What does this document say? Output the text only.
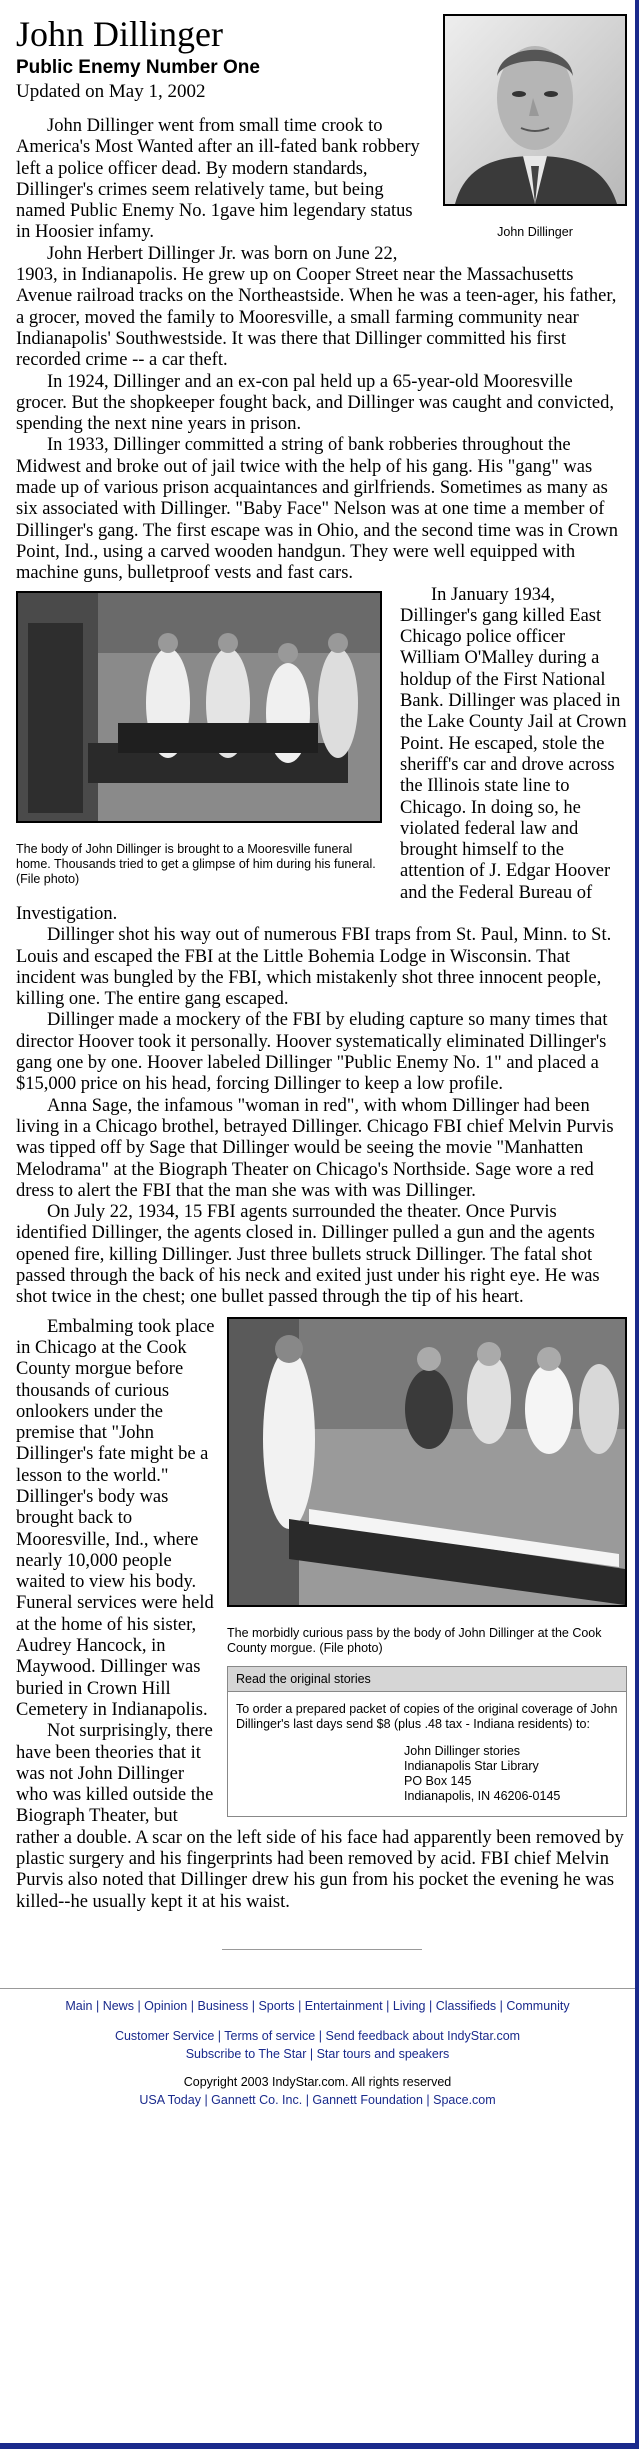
John Dillinger
John Dillinger
Public Enemy Number One
Updated on May 1, 2002

John Dillinger went from small time crook to America's Most Wanted after an ill-fated bank robbery left a police officer dead. By modern standards, Dillinger's crimes seem relatively tame, but being named Public Enemy No. 1gave him legendary status in Hoosier infamy.

John Herbert Dillinger Jr. was born on June 22, 1903, in Indianapolis. He grew up on Cooper Street near the Massachusetts Avenue railroad tracks on the Northeastside. When he was a teen-ager, his father, a grocer, moved the family to Mooresville, a small farming community near Indianapolis' Southwestside. It was there that Dillinger committed his first recorded crime -- a car theft.

In 1924, Dillinger and an ex-con pal held up a 65-year-old Mooresville grocer. But the shopkeeper fought back, and Dillinger was caught and convicted, spending the next nine years in prison.

In 1933, Dillinger committed a string of bank robberies throughout the Midwest and broke out of jail twice with the help of his gang. His "gang" was made up of various prison acquaintances and girlfriends. Sometimes as many as six associated with Dillinger. "Baby Face" Nelson was at one time a member of Dillinger's gang. The first escape was in Ohio, and the second time was in Crown Point, Ind., using a carved wooden handgun. They were well equipped with machine guns, bulletproof vests and fast cars.

The body of John Dillinger is brought to a Mooresville funeral home. Thousands tried to get a glimpse of him during his funeral. (File photo)

In January 1934, Dillinger's gang killed East Chicago police officer William O'Malley during a holdup of the First National Bank. Dillinger was placed in the Lake County Jail at Crown Point. He escaped, stole the sheriff's car and drove across the Illinois state line to Chicago. In doing so, he violated federal law and brought himself to the attention of J. Edgar Hoover and the Federal Bureau of Investigation.

Dillinger shot his way out of numerous FBI traps from St. Paul, Minn. to St. Louis and escaped the FBI at the Little Bohemia Lodge in Wisconsin. That incident was bungled by the FBI, which mistakenly shot three innocent people, killing one. The entire gang escaped.

Dillinger made a mockery of the FBI by eluding capture so many times that director Hoover took it personally. Hoover systematically eliminated Dillinger's gang one by one. Hoover labeled Dillinger "Public Enemy No. 1" and placed a $15,000 price on his head, forcing Dillinger to keep a low profile.

Anna Sage, the infamous "woman in red", with whom Dillinger had been living in a Chicago brothel, betrayed Dillinger. Chicago FBI chief Melvin Purvis was tipped off by Sage that Dillinger would be seeing the movie "Manhatten Melodrama" at the Biograph Theater on Chicago's Northside. Sage wore a red dress to alert the FBI that the man she was with was Dillinger.

On July 22, 1934, 15 FBI agents surrounded the theater. Once Purvis identified Dillinger, the agents closed in. Dillinger pulled a gun and the agents opened fire, killing Dillinger. Just three bullets struck Dillinger. The fatal shot passed through the back of his neck and exited just under his right eye. He was shot twice in the chest; one bullet passed through the tip of his heart.

The morbidly curious pass by the body of John Dillinger at the Cook County morgue. (File photo)
Read the original stories
To order a prepared packet of copies of the original coverage of John Dillinger's last days send $8 (plus .48 tax - Indiana residents) to:
John Dillinger stories
Indianapolis Star Library
PO Box 145
Indianapolis, IN 46206-0145

Embalming took place in Chicago at the Cook County morgue before thousands of curious onlookers under the premise that "John Dillinger's fate might be a lesson to the world." Dillinger's body was brought back to Mooresville, Ind., where nearly 10,000 people waited to view his body. Funeral services were held at the home of his sister, Audrey Hancock, in Maywood. Dillinger was buried in Crown Hill Cemetery in Indianapolis.

Not surprisingly, there have been theories that it was not John Dillinger who was killed outside the Biograph Theater, but rather a double. A scar on the left side of his face had apparently been removed by plastic surgery and his fingerprints had been removed by acid. FBI chief Melvin Purvis also noted that Dillinger drew his gun from his pocket the evening he was killed--he usually kept it at his waist.

Main | News | Opinion | Business | Sports | Entertainment | Living | Classifieds | Community
Customer Service | Terms of service | Send feedback about IndyStar.com
Subscribe to The Star | Star tours and speakers
Copyright 2003 IndyStar.com. All rights reserved
USA Today | Gannett Co. Inc. | Gannett Foundation | Space.com
